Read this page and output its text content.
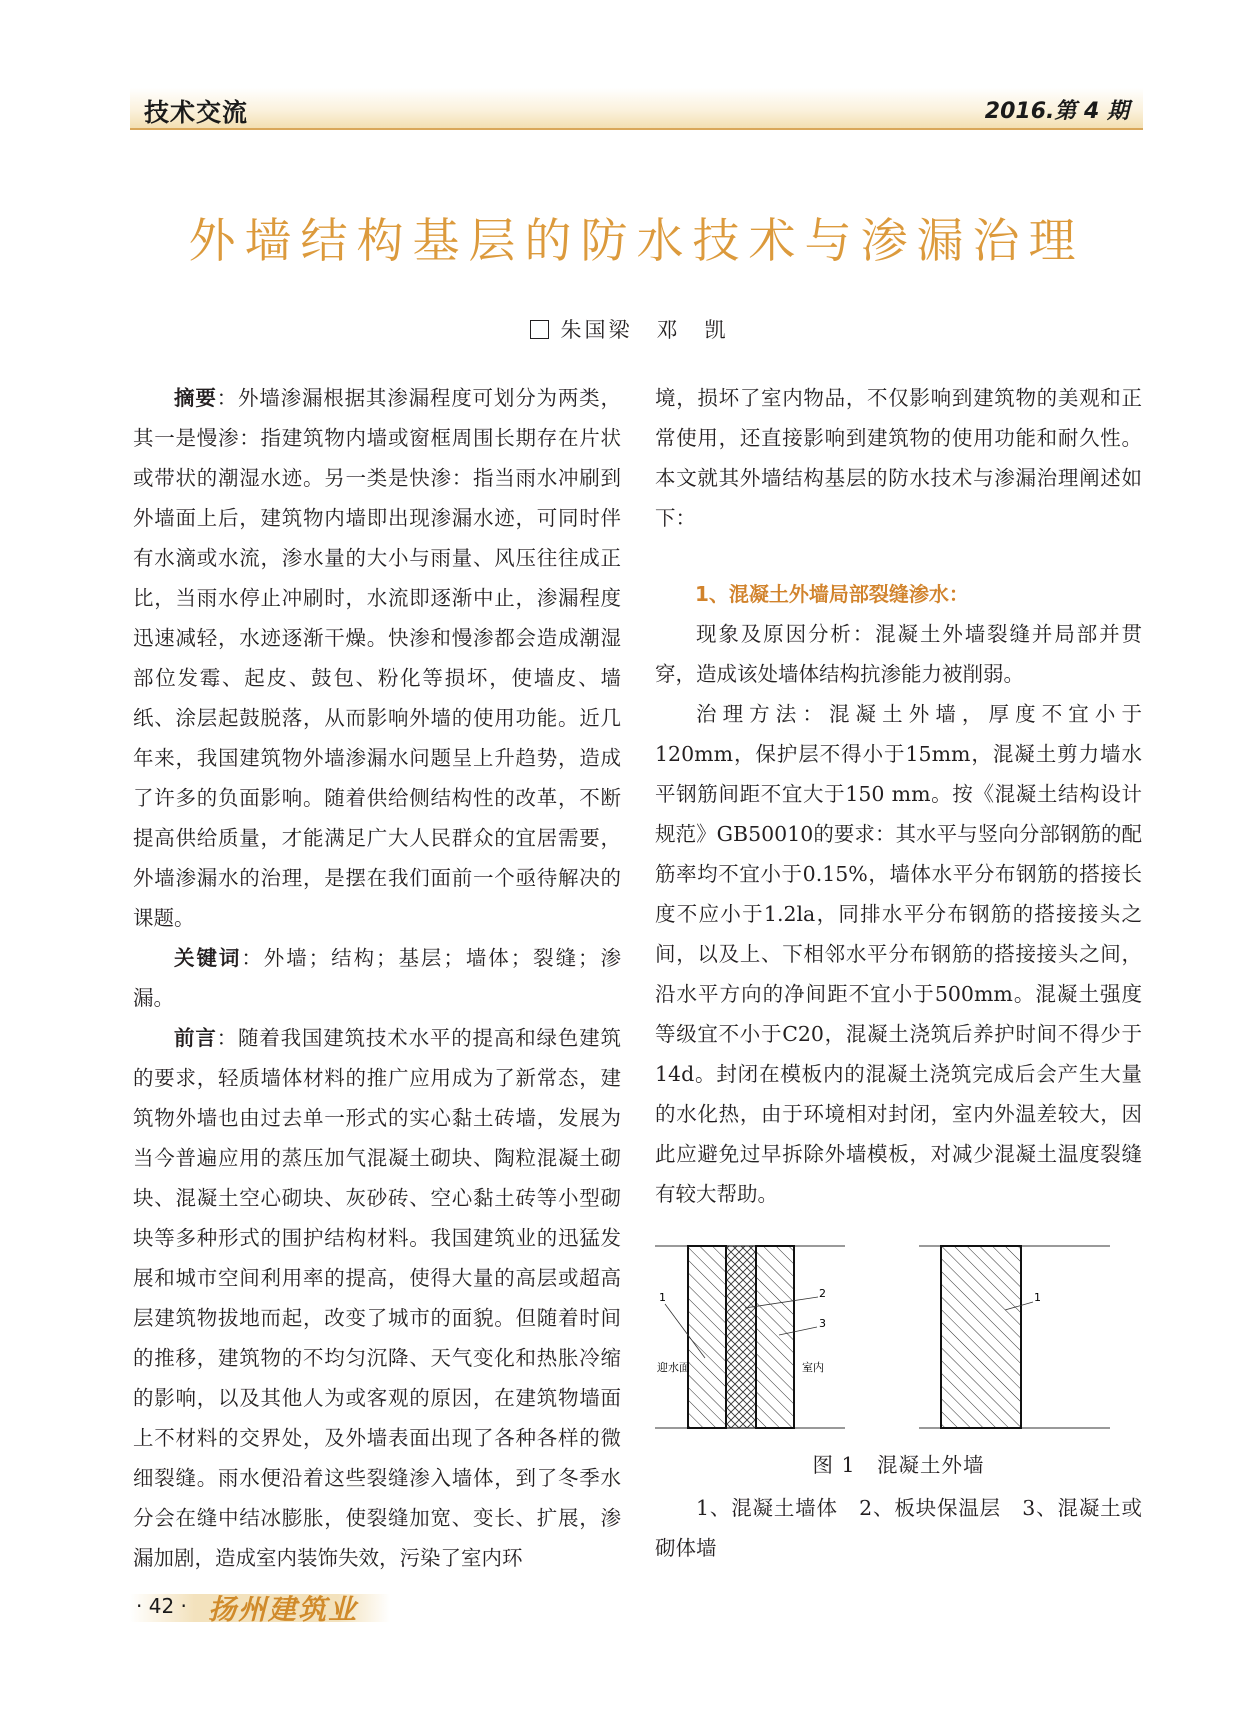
技术交流	2016.第 4 期
外墙结构基层的防水技术与渗漏治理
朱国梁　邓　凯

摘要：外墙渗漏根据其渗漏程度可划分为两类，其一是慢渗：指建筑物内墙或窗框周围长期存在片状或带状的潮湿水迹。另一类是快渗：指当雨水冲刷到外墙面上后，建筑物内墙即出现渗漏水迹，可同时伴有水滴或水流，渗水量的大小与雨量、风压往往成正比，当雨水停止冲刷时，水流即逐渐中止，渗漏程度迅速减轻，水迹逐渐干燥。快渗和慢渗都会造成潮湿部位发霉、起皮、鼓包、粉化等损坏，使墙皮、墙纸、涂层起鼓脱落，从而影响外墙的使用功能。近几年来，我国建筑物外墙渗漏水问题呈上升趋势，造成了许多的负面影响。随着供给侧结构性的改革，不断提高供给质量，才能满足广大人民群众的宜居需要，外墙渗漏水的治理，是摆在我们面前一个亟待解决的课题。

关键词：外墙；结构；基层；墙体；裂缝；渗漏。

前言：随着我国建筑技术水平的提高和绿色建筑的要求，轻质墙体材料的推广应用成为了新常态，建筑物外墙也由过去单一形式的实心黏土砖墙，发展为当今普遍应用的蒸压加气混凝土砌块、陶粒混凝土砌块、混凝土空心砌块、灰砂砖、空心黏土砖等小型砌块等多种形式的围护结构材料。我国建筑业的迅猛发展和城市空间利用率的提高，使得大量的高层或超高层建筑物拔地而起，改变了城市的面貌。但随着时间的推移，建筑物的不均匀沉降、天气变化和热胀冷缩的影响，以及其他人为或客观的原因，在建筑物墙面上不材料的交界处，及外墙表面出现了各种各样的微细裂缝。雨水便沿着这些裂缝渗入墙体，到了冬季水分会在缝中结冰膨胀，使裂缝加宽、变长、扩展，渗漏加剧，造成室内装饰失效，污染了室内环

境，损坏了室内物品，不仅影响到建筑物的美观和正常使用，还直接影响到建筑物的使用功能和耐久性。本文就其外墙结构基层的防水技术与渗漏治理阐述如下：

1、混凝土外墙局部裂缝渗水：

现象及原因分析：混凝土外墙裂缝并局部并贯穿，造成该处墙体结构抗渗能力被削弱。

治理方法：混凝土外墙，厚度不宜小于120mm，保护层不得小于15mm，混凝土剪力墙水平钢筋间距不宜大于150 mm。按《混凝土结构设计规范》GB50010的要求：其水平与竖向分部钢筋的配筋率均不宜小于0.15%，墙体水平分布钢筋的搭接长度不应小于1.2la，同排水平分布钢筋的搭接接头之间，以及上、下相邻水平分布钢筋的搭接接头之间，沿水平方向的净间距不宜小于500mm。混凝土强度等级宜不小于C20，混凝土浇筑后养护时间不得少于14d。封闭在模板内的混凝土浇筑完成后会产生大量的水化热，由于环境相对封闭，室内外温差较大，因此应避免过早拆除外墙模板，对减少混凝土温度裂缝有较大帮助。

1	2
3
迎水面	室内
1
图 1　混凝土外墙
1、混凝土墙体　2、板块保温层　3、混凝土或砌体墙
· 42 · 扬州建筑业
